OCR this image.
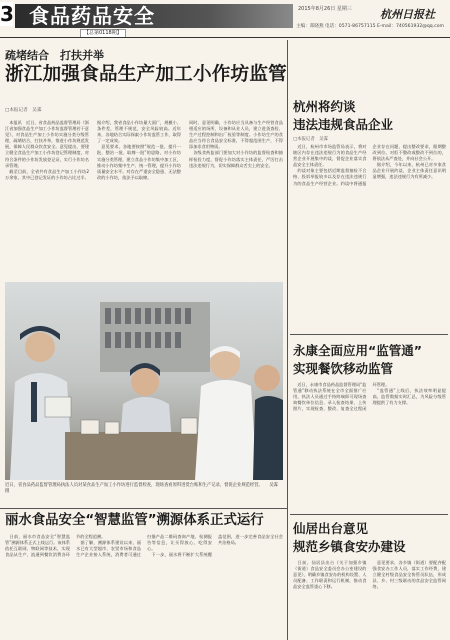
3 食品药品安全
【总第0118期】
2015年8月26日 星期三	杭州日报社
主编：郑晓燕 电话：0571-86757115 E-mail：740561932@qq.com
疏堵结合　打扶并举
浙江加强食品生产加工小作坊监管
□本报记者　吴霁
　本报讯　近日，省食品药品监督管理局《浙江省加强食品生产加工小作坊监督管理若干意见》，对食品生产加工小作坊实施分类分级管理，疏堵结合，打扶并举，推进小作坊规范发展，保障人民群众饮食安全。意见提出，要建立健全食品生产加工小作坊登记管理制度，对符合条件的小作坊发放登记证，实行小作坊名录管理。
　截至目前，全省共有食品生产加工小作坊2万余家，其中已登记发证的小作坊占比过半。
据介绍，我省食品小作坊量大面广，规模小、条件差，管理不规范，安全风险较高。近年来，各地结合实际探索小作坊监管工作，取得了一定成效。
　意见要求，各地要按照“规范一批、提升一批、整治一批、取缔一批”的思路，对小作坊实施分类管理，建立食品小作坊集中加工区，推动小作坊集中生产、统一管理，提升小作坊质量安全水平。对存在严重安全隐患、无法整改的小作坊，依法予以取缔。
同时，意见明确，小作坊应当具备与生产经营食品相适应的场所、设备和从业人员，建立进货查验、生产过程控制和出厂检验等制度。小作坊生产的食品应当符合食品安全标准，不得超范围生产，不得添加非食用物质。
　各级食药监部门要加大对小作坊的监督检查和抽样检验力度，督促小作坊落实主体责任，严厉打击违法违规行为，切实保障群众舌尖上的安全。
近日，省食品药品监督管理局执法人员对某食品生产加工小作坊进行监督检查，现场查看原料进货台账和生产记录，督促企业规范经营。　　吴霁　摄
丽水食品安全“智慧监管”溯源体系正式运行
　日前，丽水市食品安全“智慧监管”溯源体系正式上线运行。该体系依托互联网、物联网等技术，实现食品从生产、流通到餐饮消费各环节的全程追溯。
　据了解，溯源体系建设以来，丽水已有大型超市、农贸市场和食品生产企业接入系统，消费者可通过扫描产品二维码查询产地、检测报告等信息，让买得放心、吃得安心。
　下一步，丽水将不断扩大系统覆盖范围，进一步完善食品安全社会共治格局。
杭州将约谈
违法违规食品企业
□本报记者　吴霁
　近日，杭州市市场监管局表示，将对辖区内存在违法违规行为的食品生产经营企业开展集中约谈，督促企业落实食品安全主体责任。
　约谈对象主要包括近期监督抽检不合格、投诉举报较多以及存在违法违规行为的食品生产经营企业。约谈中将通报企业存在问题，提出整改要求，限期整改到位。对拒不整改或整改不到位的，将依法从严查处，并向社会公开。
　据介绍，今年以来，杭州已对多家食品企业开展约谈，企业主体责任意识明显增强，违法违规行为有所减少。
永康全面应用“监管通”
实现餐饮移动监管
　近日，永康市食品药品监督管理局“监管通”移动执法系统在全市全面推广应用，执法人员通过手持终端即可现场查询餐饮单位信息、录入检查结果、上传照片，实现检查、整改、复查全过程闭环管理。
　“监管通”上线后，执法效率明显提高，监管数据实时汇总，为风险分级管理提供了有力支撑。
仙居出台意见
规范乡镇食安办建设
　日前，仙居县出台《关于加强乡镇（街道）食品安全委员会办公室建设的意见》，明确乡镇食安办的机构设置、人员配备、工作职责和运行机制，推动食品安全监管重心下移。
　意见要求，各乡镇（街道）要配齐配强食安办工作人员，落实工作经费，建立健全村级食品安全协管员队伍，形成县、乡、村三级联动的食品安全监管网络。
